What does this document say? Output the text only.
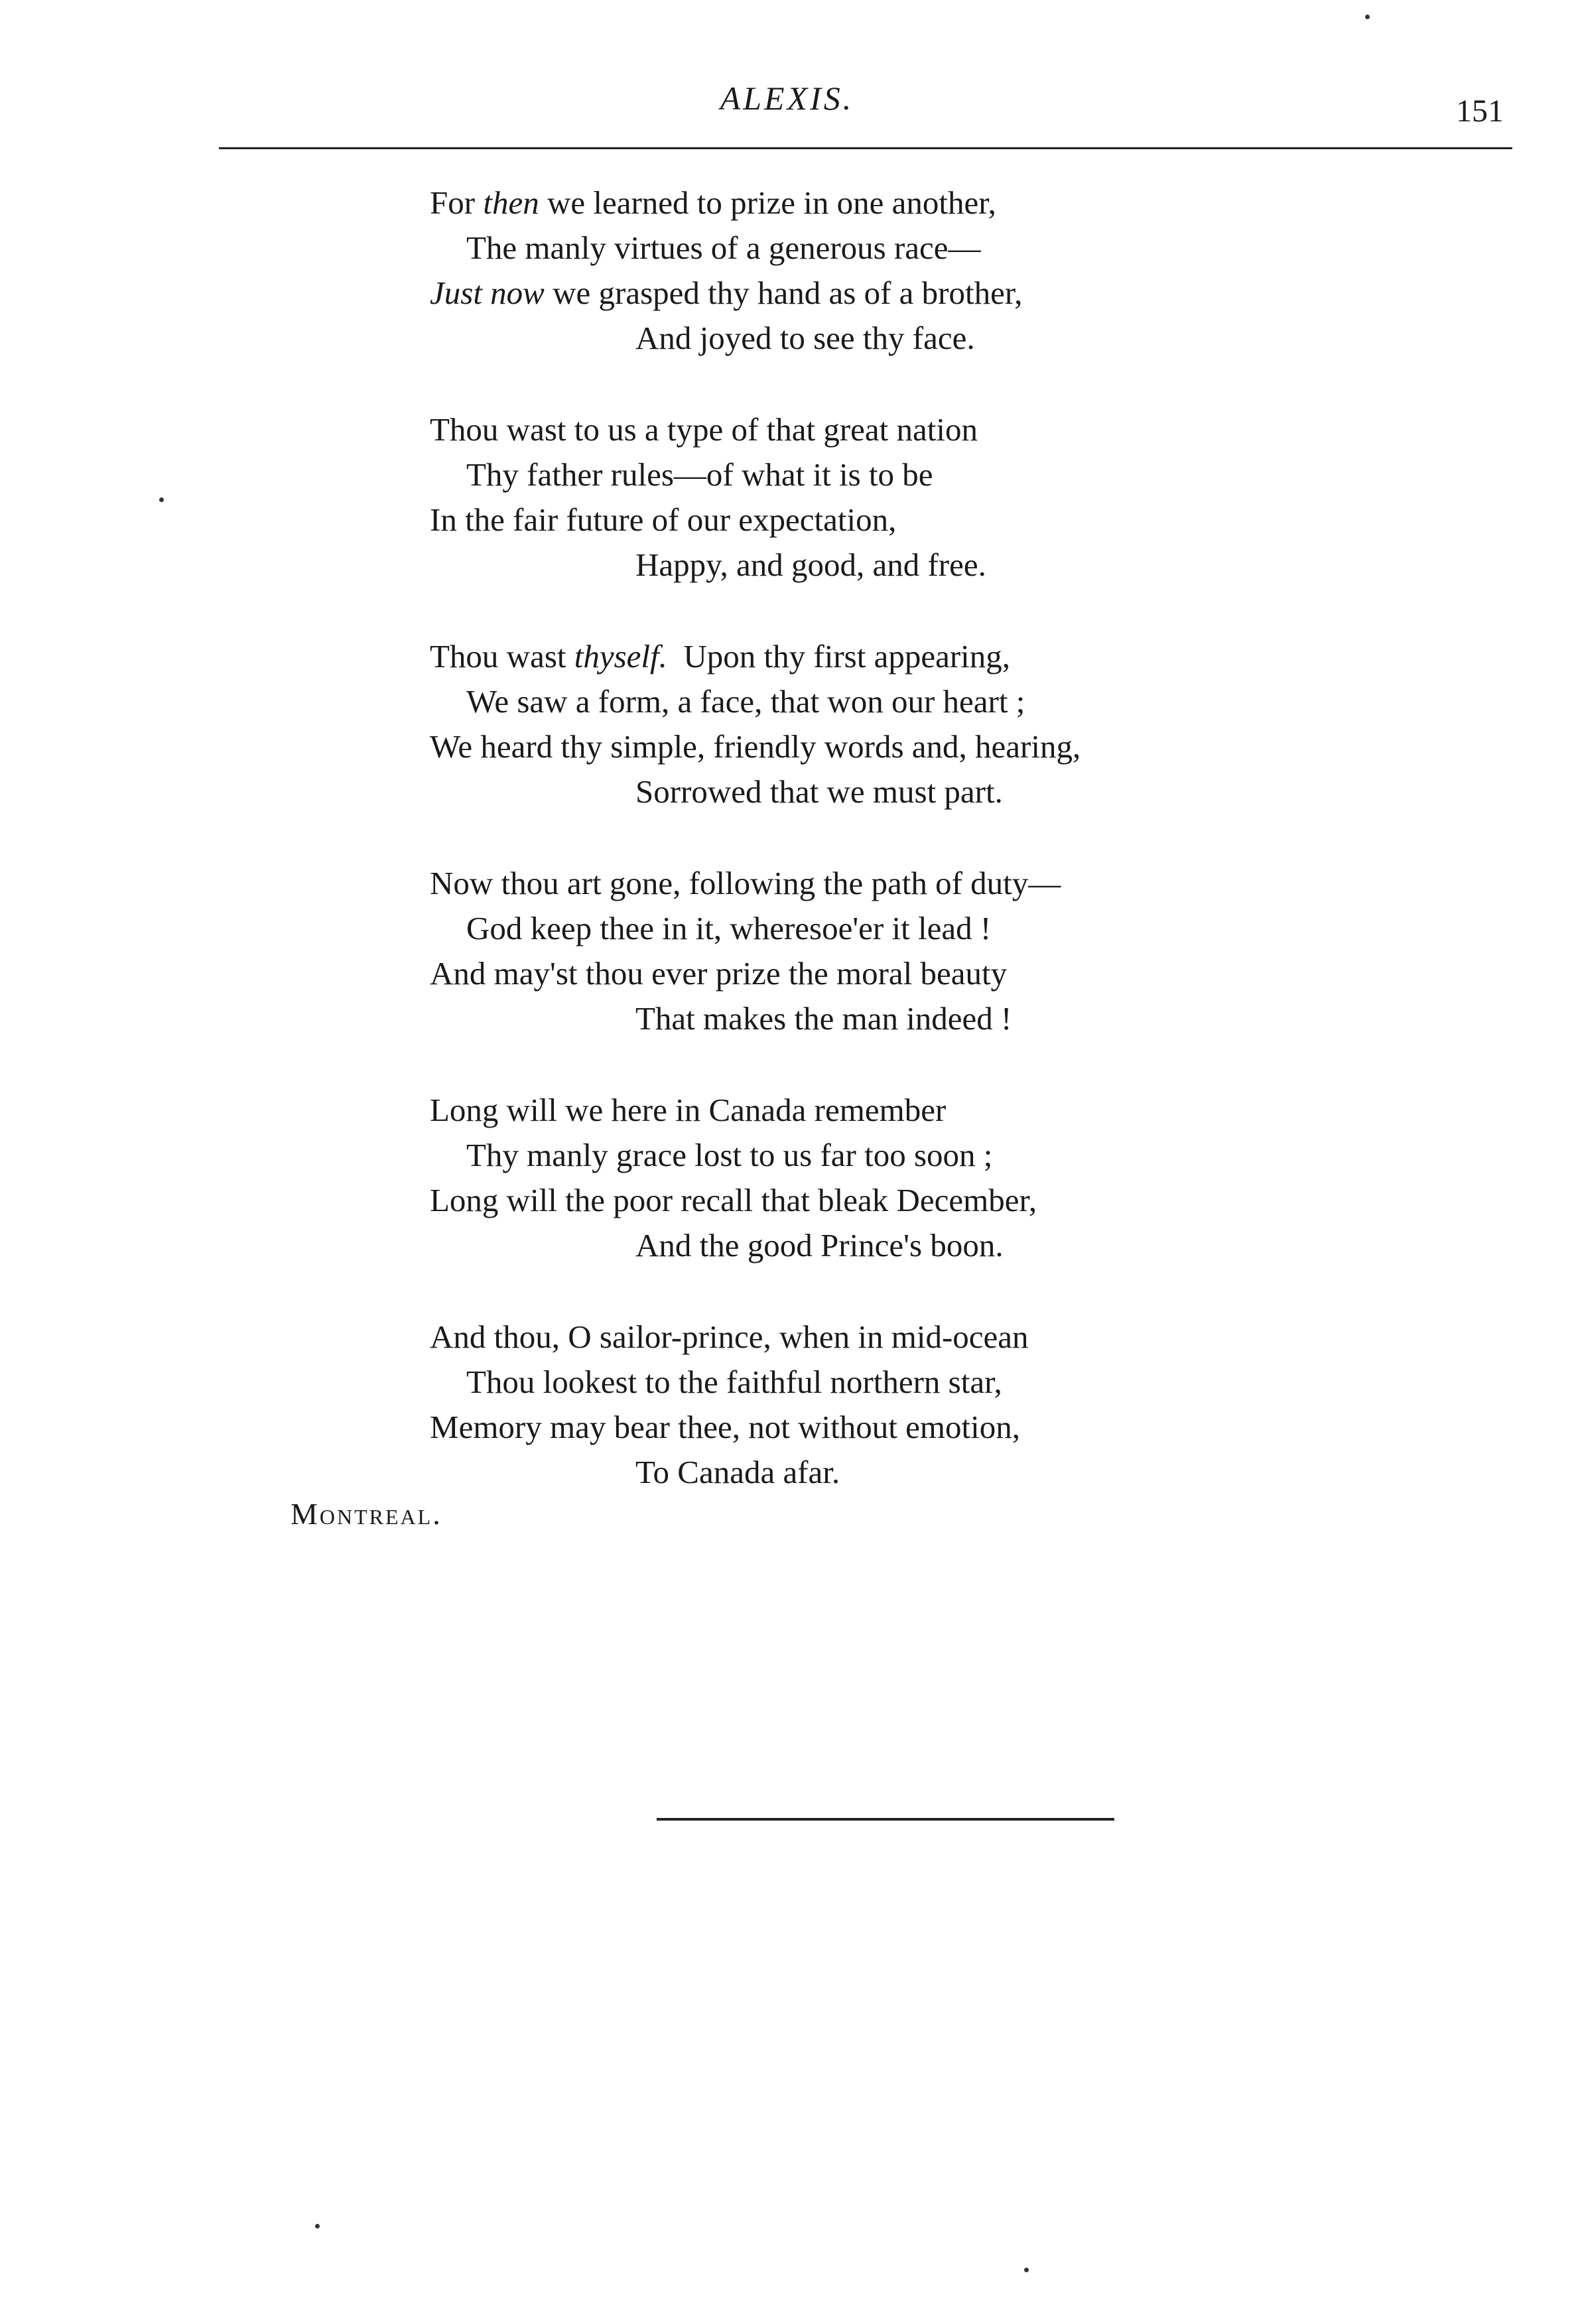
ALEXIS.	151
For then we learned to prize in one another,
The manly virtues of a generous race—
Just now we grasped thy hand as of a brother,
And joyed to see thy face.
Thou wast to us a type of that great nation
Thy father rules—of what it is to be
In the fair future of our expectation,
Happy, and good, and free.
Thou wast thyself.  Upon thy first appearing,
We saw a form, a face, that won our heart ;
We heard thy simple, friendly words and, hearing,
Sorrowed that we must part.
Now thou art gone, following the path of duty—
God keep thee in it, wheresoe'er it lead !
And may'st thou ever prize the moral beauty
That makes the man indeed !
Long will we here in Canada remember
Thy manly grace lost to us far too soon ;
Long will the poor recall that bleak December,
And the good Prince's boon.
And thou, O sailor-prince, when in mid-ocean
Thou lookest to the faithful northern star,
Memory may bear thee, not without emotion,
To Canada afar.
Montreal.
